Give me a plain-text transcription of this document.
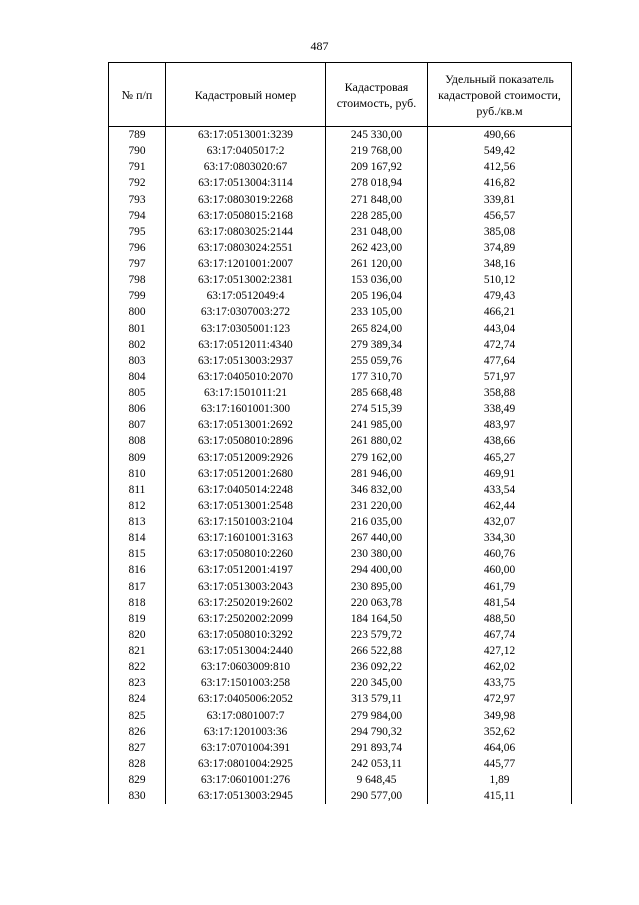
487
№ п/п	Кадастровый номер	Кадастровая стоимость, руб.	Удельный показатель кадастровой стоимости, руб./кв.м
789	63:17:0513001:3239	245 330,00	490,66
790	63:17:0405017:2	219 768,00	549,42
791	63:17:0803020:67	209 167,92	412,56
792	63:17:0513004:3114	278 018,94	416,82
793	63:17:0803019:2268	271 848,00	339,81
794	63:17:0508015:2168	228 285,00	456,57
795	63:17:0803025:2144	231 048,00	385,08
796	63:17:0803024:2551	262 423,00	374,89
797	63:17:1201001:2007	261 120,00	348,16
798	63:17:0513002:2381	153 036,00	510,12
799	63:17:0512049:4	205 196,04	479,43
800	63:17:0307003:272	233 105,00	466,21
801	63:17:0305001:123	265 824,00	443,04
802	63:17:0512011:4340	279 389,34	472,74
803	63:17:0513003:2937	255 059,76	477,64
804	63:17:0405010:2070	177 310,70	571,97
805	63:17:1501011:21	285 668,48	358,88
806	63:17:1601001:300	274 515,39	338,49
807	63:17:0513001:2692	241 985,00	483,97
808	63:17:0508010:2896	261 880,02	438,66
809	63:17:0512009:2926	279 162,00	465,27
810	63:17:0512001:2680	281 946,00	469,91
811	63:17:0405014:2248	346 832,00	433,54
812	63:17:0513001:2548	231 220,00	462,44
813	63:17:1501003:2104	216 035,00	432,07
814	63:17:1601001:3163	267 440,00	334,30
815	63:17:0508010:2260	230 380,00	460,76
816	63:17:0512001:4197	294 400,00	460,00
817	63:17:0513003:2043	230 895,00	461,79
818	63:17:2502019:2602	220 063,78	481,54
819	63:17:2502002:2099	184 164,50	488,50
820	63:17:0508010:3292	223 579,72	467,74
821	63:17:0513004:2440	266 522,88	427,12
822	63:17:0603009:810	236 092,22	462,02
823	63:17:1501003:258	220 345,00	433,75
824	63:17:0405006:2052	313 579,11	472,97
825	63:17:0801007:7	279 984,00	349,98
826	63:17:1201003:36	294 790,32	352,62
827	63:17:0701004:391	291 893,74	464,06
828	63:17:0801004:2925	242 053,11	445,77
829	63:17:0601001:276	9 648,45	1,89
830	63:17:0513003:2945	290 577,00	415,11
